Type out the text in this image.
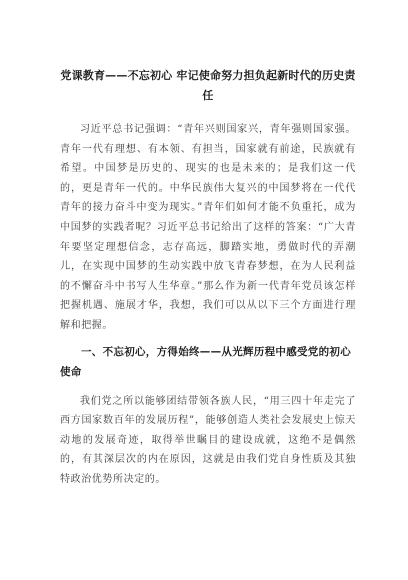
党课教育——不忘初心 牢记使命努力担负起新时代的历史责任

习近平总书记强调：“青年兴则国家兴，青年强则国家强。青年一代有理想、有本领、有担当，国家就有前途，民族就有希望。中国梦是历史的、现实的也是未来的；是我们这一代的，更是青年一代的。中华民族伟大复兴的中国梦将在一代代青年的接力奋斗中变为现实。”青年们如何才能不负重托，成为中国梦的实践者呢？习近平总书记给出了这样的答案：“广大青年要坚定理想信念，志存高远，脚踏实地，勇做时代的弄潮儿，在实现中国梦的生动实践中放飞青春梦想，在为人民利益的不懈奋斗中书写人生华章。”那么作为新一代青年党员该怎样把握机遇、施展才华，我想，我们可以从以下三个方面进行理解和把握。

一、不忘初心，方得始终——从光辉历程中感受党的初心使命

我们党之所以能够团结带领各族人民，“用三四十年走完了西方国家数百年的发展历程”，能够创造人类社会发展史上惊天动地的发展奇迹，取得举世瞩目的建设成就，这绝不是偶然的，有其深层次的内在原因，这就是由我们党自身性质及其独特政治优势所决定的。
